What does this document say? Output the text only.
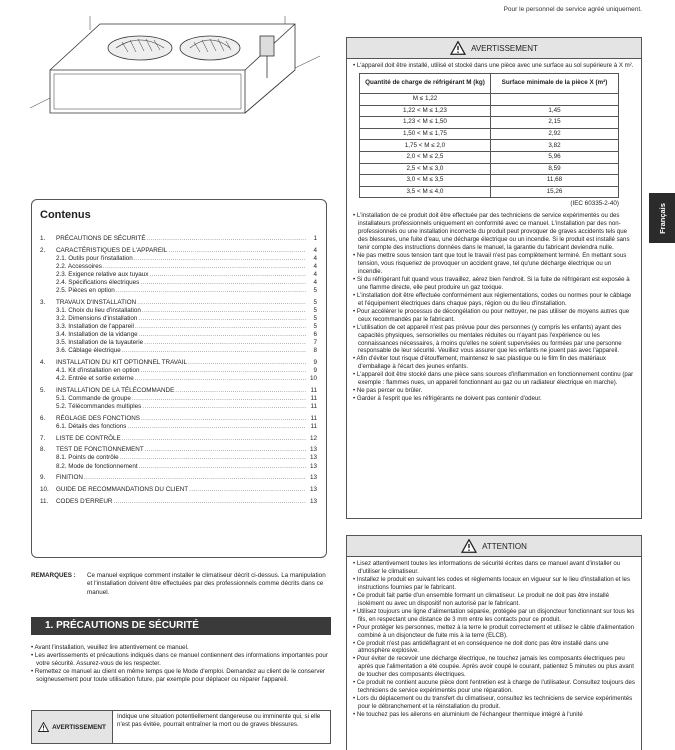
Pour le personnel de service agréé uniquement.
Contenus
1.	PRÉCAUTIONS DE SÉCURITÉ .....	1
2.	CARACTÉRISTIQUES DE L'APPAREIL .....	4
2.1. Outils pour l'installation .....	4
2.2. Accessoires .....	4
2.3. Exigence relative aux tuyaux .....	4
2.4. Spécifications électriques .....	4
2.5. Pièces en option .....	5
3.	TRAVAUX D'INSTALLATION .....	5
3.1. Choix du lieu d'installation .....	5
3.2. Dimensions d'installation .....	5
3.3. Installation de l'appareil .....	5
3.4. Installation de la vidange .....	6
3.5. Installation de la tuyauterie .....	7
3.6. Câblage électrique .....	8
4.	INSTALLATION DU KIT OPTIONNEL TRAVAIL .....	9
4.1. Kit d'installation en option .....	9
4.2. Entrée et sortie externe .....	10
5.	INSTALLATION DE LA TÉLÉCOMMANDE .....	11
5.1. Commande de groupe .....	11
5.2. Télécommandes multiples .....	11
6.	RÉGLAGE DES FONCTIONS .....	11
6.1. Détails des fonctions .....	11
7.	LISTE DE CONTRÔLE .....	12
8.	TEST DE FONCTIONNEMENT .....	13
8.1. Points de contrôle .....	13
8.2. Mode de fonctionnement .....	13
9.	FINITION .....	13
10.	GUIDE DE RECOMMANDATIONS DU CLIENT .....	13
11.	CODES D'ERREUR .....	13
REMARQUES :	Ce manuel explique comment installer le climatiseur décrit ci-dessus. La manipulation et l'installation doivent être effectuées par des professionnels comme décrits dans ce manuel.
1. PRÉCAUTIONS DE SÉCURITÉ
• Avant l'installation, veuillez lire attentivement ce manuel.
• Les avertissements et précautions indiqués dans ce manuel contiennent des informations importantes pour votre sécurité. Assurez-vous de les respecter.
• Remettez ce manuel au client en même temps que le Mode d'emploi. Demandez au client de le conserver soigneusement pour toute utilisation future, par exemple pour déplacer ou réparer l'appareil.
AVERTISSEMENT
Indique une situation potentiellement dangereuse ou imminente qui, si elle n'est pas évitée, pourrait entraîner la mort ou de graves blessures.
AVERTISSEMENT
• L'appareil doit être installé, utilisé et stocké dans une pièce avec une surface au sol supérieure à X m².
Quantité de charge de réfrigérant M (kg)	Surface minimale de la pièce X (m²)
M ≤ 1,22	
1,22 < M ≤ 1,23	1,45
1,23 < M ≤ 1,50	2,15
1,50 < M ≤ 1,75	2,92
1,75 < M ≤ 2,0	3,82
2,0 < M ≤ 2,5	5,96
2,5 < M ≤ 3,0	8,59
3,0 < M ≤ 3,5	11,68
3,5 < M ≤ 4,0	15,26
(IEC 60335-2-40)
• L'installation de ce produit doit être effectuée par des techniciens de service expérimentés ou des installateurs professionnels uniquement en conformité avec ce manuel. L'installation par des non-professionnels ou une installation incorrecte du produit peut provoquer de graves accidents tels que des blessures, une fuite d'eau, une décharge électrique ou un incendie. Si le produit est installé sans tenir compte des instructions données dans le manuel, la garantie du fabricant deviendra nulle.
• Ne pas mettre sous tension tant que tout le travail n'est pas complètement terminé. En mettant sous tension, vous risqueriez de provoquer un accident grave, tel qu'une décharge électrique ou un incendie.
• Si du réfrigérant fuit quand vous travaillez, aérez bien l'endroit. Si la fuite de réfrigérant est exposée à une flamme directe, elle peut produire un gaz toxique.
• L'installation doit être effectuée conformément aux réglementations, codes ou normes pour le câblage et l'équipement électriques dans chaque pays, région ou du lieu d'installation.
• Pour accélérer le processus de décongélation ou pour nettoyer, ne pas utiliser de moyens autres que ceux recommandés par le fabricant.
• L'utilisation de cet appareil n'est pas prévue pour des personnes (y compris les enfants) ayant des capacités physiques, sensorielles ou mentales réduites ou n'ayant pas l'expérience ou les connaissances nécessaires, à moins qu'elles ne soient supervisées ou formées par une personne responsable de leur sécurité. Veuillez vous assurer que les enfants ne jouent pas avec l'appareil.
• Afin d'éviter tout risque d'étouffement, maintenez le sac plastique ou le film fin des matériaux d'emballage à l'écart des jeunes enfants.
• L'appareil doit être stocké dans une pièce sans sources d'inflammation en fonctionnement continu (par exemple : flammes nues, un appareil fonctionnant au gaz ou un radiateur électrique en marche).
• Ne pas percer ou brûler.
• Garder à l'esprit que les réfrigérants ne doivent pas contenir d'odeur.
ATTENTION
• Lisez attentivement toutes les informations de sécurité écrites dans ce manuel avant d'installer ou d'utiliser le climatiseur.
• Installez le produit en suivant les codes et règlements locaux en vigueur sur le lieu d'installation et les instructions fournies par le fabricant.
• Ce produit fait partie d'un ensemble formant un climatiseur. Le produit ne doit pas être installé isolément ou avec un dispositif non autorisé par le fabricant.
• Utilisez toujours une ligne d'alimentation séparée, protégée par un disjoncteur fonctionnant sur tous les fils, en respectant une distance de 3 mm entre les contacts pour ce produit.
• Pour protéger les personnes, mettez à la terre le produit correctement et utilisez le câble d'alimentation combiné à un disjoncteur de fuite mis à la terre (ELCB).
• Ce produit n'est pas antidéflagrant et en conséquence ne doit donc pas être installé dans une atmosphère explosive.
• Pour éviter de recevoir une décharge électrique, ne touchez jamais les composants électriques peu après que l'alimentation a été coupée. Après avoir coupé le courant, patientez 5 minutes ou plus avant de toucher des composants électriques.
• Ce produit ne contient aucune pièce dont l'entretien est à charge de l'utilisateur. Consultez toujours des techniciens de service expérimentés pour une réparation.
• Lors du déplacement ou du transfert du climatiseur, consultez les techniciens de service expérimentés pour le débranchement et la réinstallation du produit.
• Ne touchez pas les ailerons en aluminium de l'échangeur thermique intégré à l'unité
Français
